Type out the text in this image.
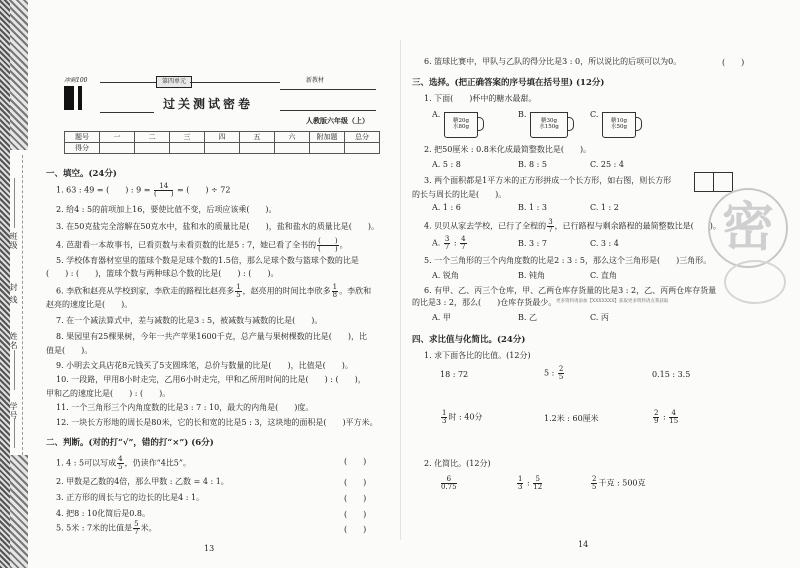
班级
封 线
姓名
学号
冲刺100	第四单元	新教材
过关测试密卷
人教版六年级（上）
题号	一	二	三	四	五	六	附加题	总分
得分								
一、填空。(24分)
1. 63 : 49 = (　　) : $9 = \frac{14}{( )}$ = (　　) ÷ 72
2. 给4 : 5的前项加上16，要使比值不变，后项应该乘(　　)。
3. 在50克盐完全溶解在50克水中，盐和水的质量比是(　　)，盐和盐水的质量比是(　　)。
4. 芭甜看一本故事书，已看页数与未看页数的比是5 : 7，她已看了全书的 $\frac{( )}{( )}$ 。
5. 学校体育器材室里的篮球个数是足球个数的1.5倍，那么足球个数与篮球个数的比是
(　　) : (　　)，篮球个数与两种球总个数的比是(　　) : (　　)。
6. 李欣和赵亮从学校到家，李欣走的路程比赵亮多 $\frac{1}{5}$ ，赵亮用的时间比李欣多 $\frac{1}{8}$ 。李欣和
赵亮的速度比是(　　)。
7. 在一个减法算式中，差与减数的比是3 : 5，被减数与减数的比是(　　)。
8. 果园里有25棵果树，今年一共产苹果1600千克，总产量与果树棵数的比是(　　)，比
值是(　　)。
9. 小明去文具店花8元钱买了5支圆珠笔，总价与数量的比是(　　)，比值是(　　)。
10. 一段路，甲用8小时走完，乙用6小时走完，甲和乙所用时间的比是(　　) : (　　)，
甲和乙的速度比是(　　) : (　　)。
11. 一个三角形三个内角度数的比是3 : 7 : 10，最大的内角是(　　)度。
12. 一块长方形地的周长是80米，它的长和宽的比是5 : 3，这块地的面积是(　　)平方米。
二、判断。(对的打“√”，错的打“×”) (6分)
1. 4 : 5可以写成 $\frac{4}{5}$ ，仍读作“4比5”。	(　　)
2. 甲数是乙数的4倍，那么甲数 : 乙数 = 4 : 1。	(　　)
3. 正方形的周长与它的边长的比是4 : 1。	(　　)
4. 把8 : 10化简后是0.8。	(　　)
5. 5米 : 7米的比值是 $\frac{5}{7}$ 米。	(　　)
13
6. 篮球比赛中，甲队与乙队的得分比是3 : 0，所以说比的后项可以为0。	(　　)
三、选择。(把正确答案的序号填在括号里) (12分)
1. 下面(　　)杯中的糖水最甜。
A.
糖20g
水80g
B.
糖30g
水150g
C.
糖10g
水50g
2. 把50厘米 : 0.8米化成最简整数比是(　　)。
A. 5 : 8	B. 8 : 5	C. 25 : 4
3. 两个面积都是1平方米的正方形拼成一个长方形，如右图，则长方形
的长与周长的比是(　　)。
A. 1 : 6	B. 1 : 3	C. 1 : 2
4. 贝贝从家去学校，已行了全程的 $\frac{3}{7}$ ，已行路程与剩余路程的最简整数比是(　　)。
A. $\frac{3}{7}$ : $\frac{4}{7}$	B. 3 : 7	C. 3 : 4
5. 一个三角形的三个内角度数的比是2 : 3 : 5，那么这个三角形是(　　)三角形。
A. 锐角	B. 钝角	C. 直角
6. 有甲、乙、丙三个仓库，甲、乙两仓库存货量的比是3 : 2，乙、丙两仓库存货量
的比是3 : 2，那么(　　)仓库存货最少。 更多资料请添加【XXXXXXX】获取更多资料请点我获取
A. 甲	B. 乙	C. 丙
密
四、求比值与化简比。(24分)
1. 求下面各比的比值。(12分)
18 : 72	5 : $\frac{2}{5}$	0.15 : 3.5
$\frac{1}{3}$ 时 : 40分	1.2米 : 60厘米	$\frac{2}{9}$ : $\frac{4}{15}$
2. 化简比。(12分)
$\frac{6}{0.75}$	$\frac{1}{3}$ : $\frac{5}{12}$	$\frac{2}{5}$ 千克 : 500克
14
